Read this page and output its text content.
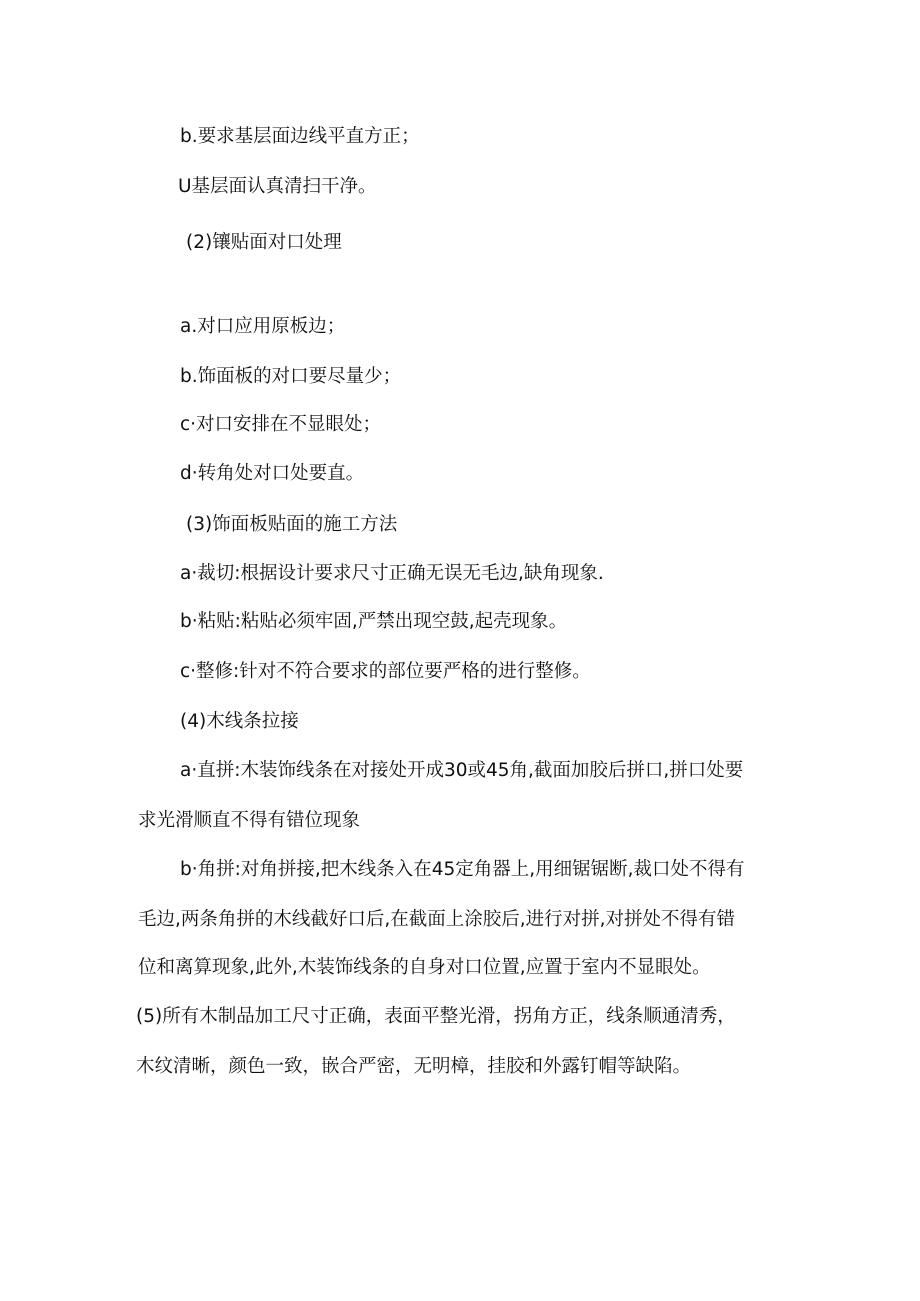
b.要求基层面边线平直方正；
U基层面认真清扫干净。
(2)镶贴面对口处理
a.对口应用原板边；
b.饰面板的对口要尽量少；
c·对口安排在不显眼处；
d·转角处对口处要直。
(3)饰面板贴面的施工方法
a·裁切:根据设计要求尺寸正确无误无毛边,缺角现象.
b·粘贴:粘贴必须牢固,严禁出现空鼓,起壳现象。
c·整修:针对不符合要求的部位要严格的进行整修。
(4)木线条拉接
a·直拼:木装饰线条在对接处开成30或45角,截面加胶后拼口,拼口处要
求光滑顺直不得有错位现象
b·角拼:对角拼接,把木线条入在45定角器上,用细锯锯断,裁口处不得有
毛边,两条角拼的木线截好口后,在截面上涂胶后,进行对拼,对拼处不得有错
位和离算现象,此外,木装饰线条的自身对口位置,应置于室内不显眼处。
(5)所有木制品加工尺寸正确，表面平整光滑，拐角方正，线条顺通清秀，
木纹清晰，颜色一致，嵌合严密，无明樟，挂胶和外露钉帽等缺陷。
